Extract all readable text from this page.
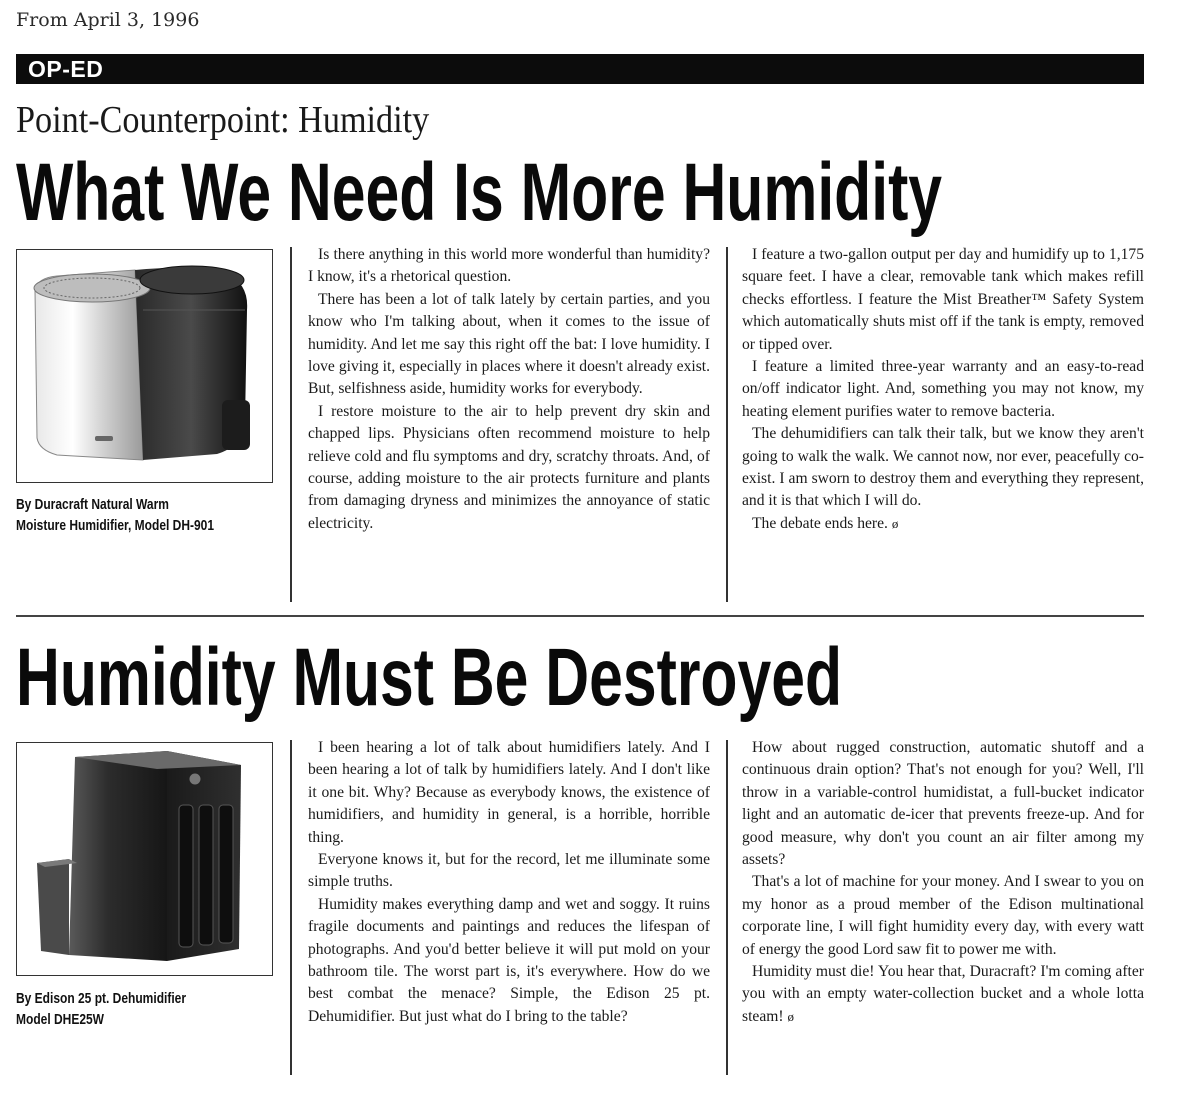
From April 3, 1996
OP-ED
Point-Counterpoint: Humidity
What We Need Is More Humidity
By Duracraft Natural Warm
Moisture Humidifier, Model DH-901

Is there anything in this world more wonderful than humidity? I know, it's a rhetorical question.

There has been a lot of talk lately by certain parties, and you know who I'm talking about, when it comes to the issue of humidity. And let me say this right off the bat: I love humidity. I love giving it, especially in places where it doesn't already exist. But, selfishness aside, humidity works for everybody.

I restore moisture to the air to help prevent dry skin and chapped lips. Physicians often recommend moisture to help relieve cold and flu symptoms and dry, scratchy throats. And, of course, adding moisture to the air protects furniture and plants from damaging dryness and minimizes the annoyance of static electricity.

I feature a two-gallon output per day and humidify up to 1,175 square feet. I have a clear, removable tank which makes refill checks effortless. I feature the Mist Breather™ Safety System which automatically shuts mist off if the tank is empty, removed or tipped over.

I feature a limited three-year warranty and an easy-to-read on/off indicator light. And, something you may not know, my heating element purifies water to remove bacteria.

The dehumidifiers can talk their talk, but we know they aren't going to walk the walk. We cannot now, nor ever, peacefully co-exist. I am sworn to destroy them and everything they represent, and it is that which I will do.

The debate ends here. ø

Humidity Must Be Destroyed
By Edison 25 pt. Dehumidifier
Model DHE25W

I been hearing a lot of talk about humidifiers lately. And I been hearing a lot of talk by humidifiers lately. And I don't like it one bit. Why? Because as everybody knows, the existence of humidifiers, and humidity in general, is a horrible, horrible thing.

Everyone knows it, but for the record, let me illuminate some simple truths.

Humidity makes everything damp and wet and soggy. It ruins fragile documents and paintings and reduces the lifespan of photographs. And you'd better believe it will put mold on your bathroom tile. The worst part is, it's everywhere. How do we best combat the menace? Simple, the Edison 25 pt. Dehumidifier. But just what do I bring to the table?

How about rugged construction, automatic shutoff and a continuous drain option? That's not enough for you? Well, I'll throw in a variable-control humidistat, a full-bucket indicator light and an automatic de-icer that prevents freeze-up. And for good measure, why don't you count an air filter among my assets?

That's a lot of machine for your money. And I swear to you on my honor as a proud member of the Edison multinational corporate line, I will fight humidity every day, with every watt of energy the good Lord saw fit to power me with.

Humidity must die! You hear that, Duracraft? I'm coming after you with an empty water-collection bucket and a whole lotta steam! ø
